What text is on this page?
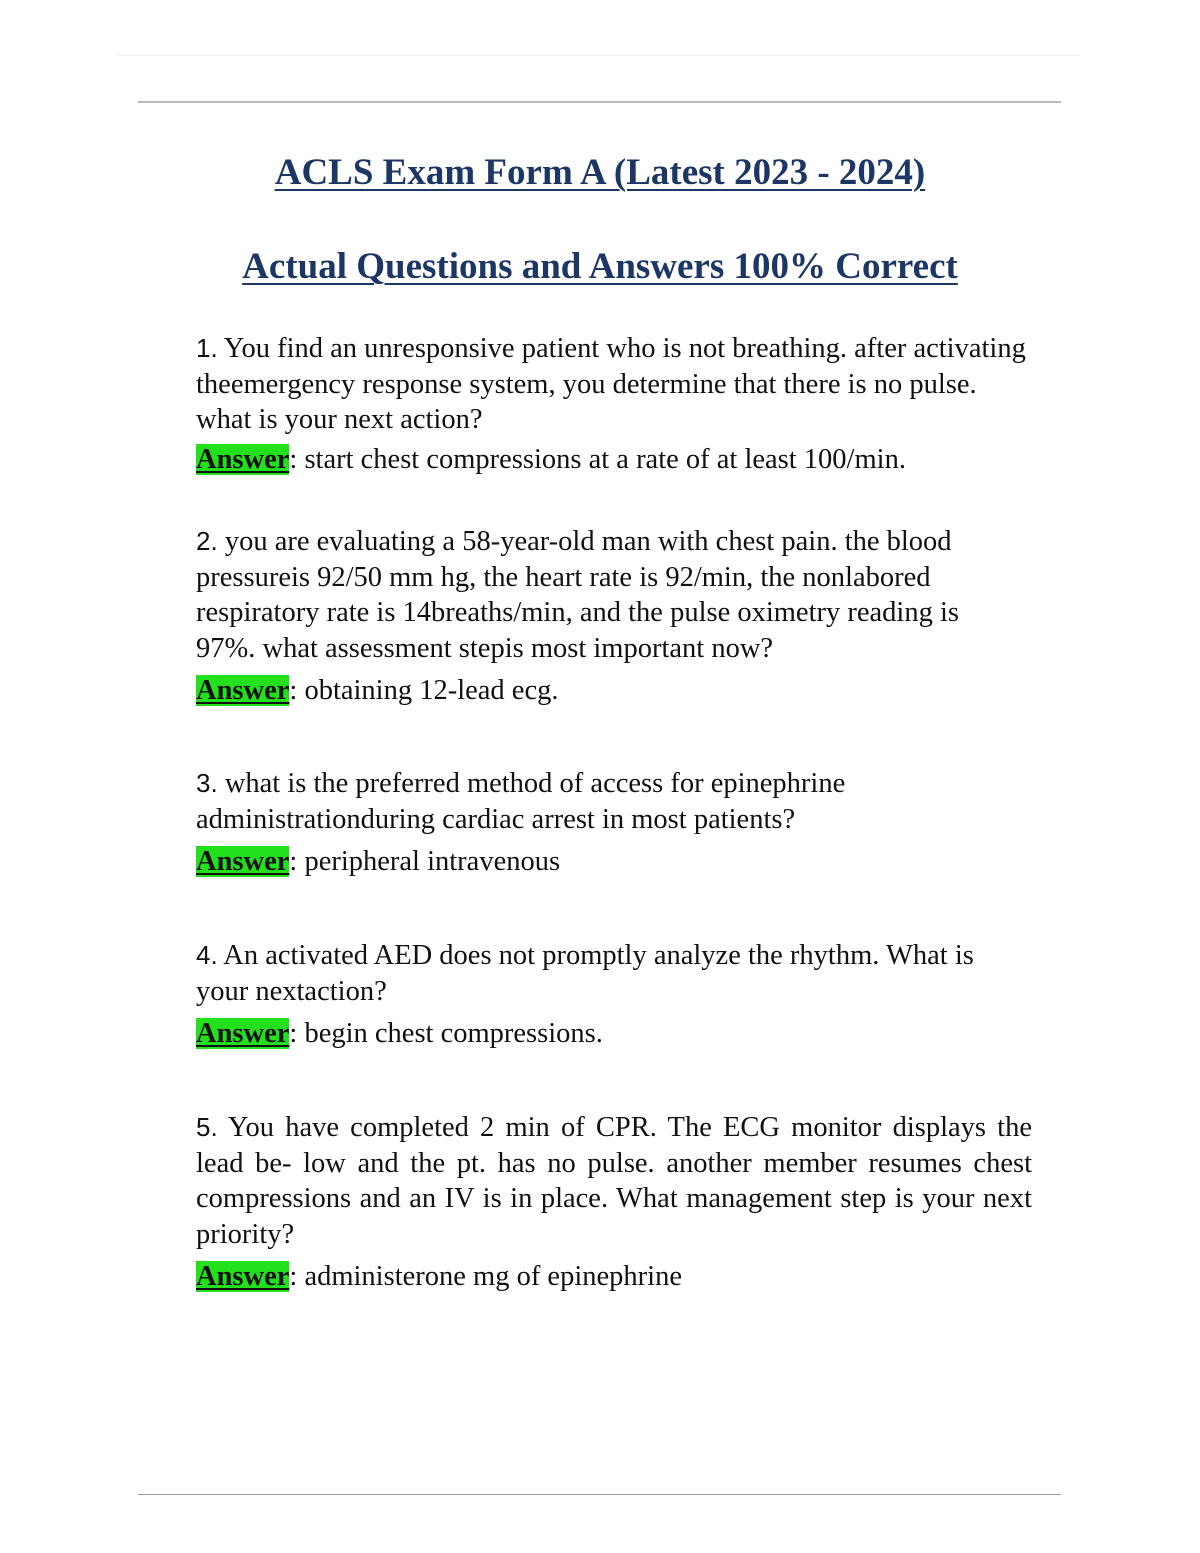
ACLS Exam Form A (Latest 2023 - 2024)
Actual Questions and Answers 100% Correct

1. You find an unresponsive patient who is not breathing. after activating theemergency response system, you determine that there is no pulse. what is your next action?

Answer: start chest compressions at a rate of at least 100/min.

2. you are evaluating a 58-year-old man with chest pain. the blood pressureis 92/50 mm hg, the heart rate is 92/min, the nonlabored respiratory rate is 14breaths/min, and the pulse oximetry reading is 97%. what assessment stepis most important now?

Answer: obtaining 12-lead ecg.

3. what is the preferred method of access for epinephrine administrationduring cardiac arrest in most patients?

Answer: peripheral intravenous

4. An activated AED does not promptly analyze the rhythm. What is your nextaction?

Answer: begin chest compressions.

5. You have completed 2 min of CPR. The ECG monitor displays the lead be- low and the pt. has no pulse. another member resumes chest compressions and an IV is in place. What management step is your next priority?

Answer: administerone mg of epinephrine
